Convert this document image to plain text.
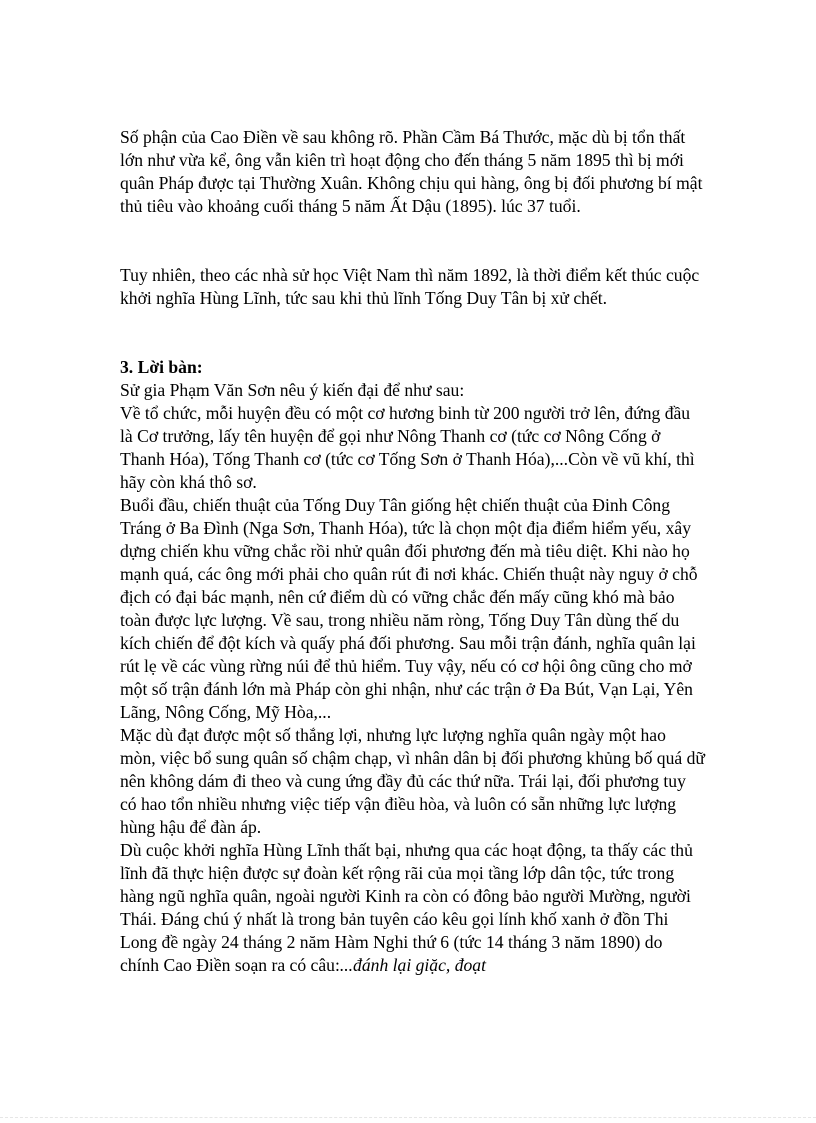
Số phận của Cao Điền về sau không rõ. Phần Cầm Bá Thước, mặc dù bị tổn thất lớn như vừa kể, ông vẫn kiên trì hoạt động cho đến tháng 5 năm 1895 thì bị mới quân Pháp được tại Thường Xuân. Không chịu qui hàng, ông bị đối phương bí mật thủ tiêu vào khoảng cuối tháng 5 năm Ất Dậu (1895). lúc 37 tuổi.

Tuy nhiên, theo các nhà sử học Việt Nam thì năm 1892, là thời điểm kết thúc cuộc khởi nghĩa Hùng Lĩnh, tức sau khi thủ lĩnh Tống Duy Tân bị xử chết.

3. Lời bàn:

Sử gia Phạm Văn Sơn nêu ý kiến đại để như sau:

Về tổ chức, mỗi huyện đều có một cơ hương binh từ 200 người trở lên, đứng đầu là Cơ trưởng, lấy tên huyện để gọi như Nông Thanh cơ (tức cơ Nông Cống ở Thanh Hóa), Tống Thanh cơ (tức cơ Tống Sơn ở Thanh Hóa),...Còn về vũ khí, thì hãy còn khá thô sơ.

Buổi đầu, chiến thuật của Tống Duy Tân giống hệt chiến thuật của Đinh Công Tráng ở Ba Đình (Nga Sơn, Thanh Hóa), tức là chọn một địa điểm hiểm yếu, xây dựng chiến khu vững chắc rồi nhử quân đối phương đến mà tiêu diệt. Khi nào họ mạnh quá, các ông mới phải cho quân rút đi nơi khác. Chiến thuật này nguy ở chỗ địch có đại bác mạnh, nên cứ điểm dù có vững chắc đến mấy cũng khó mà bảo toàn được lực lượng. Về sau, trong nhiều năm ròng, Tống Duy Tân dùng thế du kích chiến để đột kích và quấy phá đối phương. Sau mỗi trận đánh, nghĩa quân lại rút lẹ về các vùng rừng núi để thủ hiểm. Tuy vậy, nếu có cơ hội ông cũng cho mở một số trận đánh lớn mà Pháp còn ghi nhận, như các trận ở Đa Bút, Vạn Lại, Yên Lãng, Nông Cống, Mỹ Hòa,...

Mặc dù đạt được một số thắng lợi, nhưng lực lượng nghĩa quân ngày một hao mòn, việc bổ sung quân số chậm chạp, vì nhân dân bị đối phương khủng bố quá dữ nên không dám đi theo và cung ứng đầy đủ các thứ nữa. Trái lại, đối phương tuy có hao tổn nhiều nhưng việc tiếp vận điều hòa, và luôn có sẵn những lực lượng hùng hậu để đàn áp.

Dù cuộc khởi nghĩa Hùng Lĩnh thất bại, nhưng qua các hoạt động, ta thấy các thủ lĩnh đã thực hiện được sự đoàn kết rộng rãi của mọi tầng lớp dân tộc, tức trong hàng ngũ nghĩa quân, ngoài người Kinh ra còn có đông bảo người Mường, người Thái. Đáng chú ý nhất là trong bản tuyên cáo kêu gọi lính khố xanh ở đồn Thi Long đề ngày 24 tháng 2 năm Hàm Nghi thứ 6 (tức 14 tháng 3 năm 1890) do chính Cao Điền soạn ra có câu:...đánh lại giặc, đoạt
